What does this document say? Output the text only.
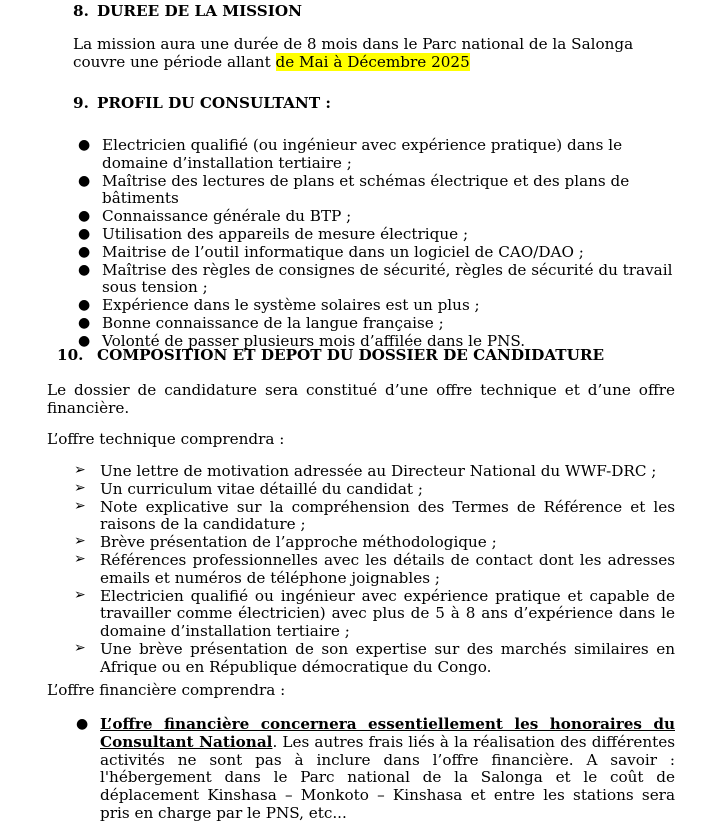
8. DUREE DE LA MISSION
La mission aura une durée de 8 mois dans le Parc national de la Salonga couvre une période allant de Mai à Décembre 2025
9. PROFIL DU CONSULTANT :
● Electricien qualifié (ou ingénieur avec expérience pratique) dans le domaine d’installation tertiaire ;
● Maîtrise des lectures de plans et schémas électrique et des plans de bâtiments
● Connaissance générale du BTP ;
● Utilisation des appareils de mesure électrique ;
● Maitrise de l’outil informatique dans un logiciel de CAO/DAO ;
● Maîtrise des règles de consignes de sécurité, règles de sécurité du travail sous tension ;
● Expérience dans le système solaires est un plus ;
● Bonne connaissance de la langue française ;
● Volonté de passer plusieurs mois d’affilée dans le PNS.
10. COMPOSITION ET DEPOT DU DOSSIER DE CANDIDATURE
Le dossier de candidature sera constitué d’une offre technique et d’une offre financière.
L’offre technique comprendra :
➢ Une lettre de motivation adressée au Directeur National du WWF-DRC ;
➢ Un curriculum vitae détaillé du candidat ;
➢ Note explicative sur la compréhension des Termes de Référence et les raisons de la candidature ;
➢ Brève présentation de l’approche méthodologique ;
➢ Références professionnelles avec les détails de contact dont les adresses emails et numéros de téléphone joignables ;
➢ Electricien qualifié ou ingénieur avec expérience pratique et capable de travailler comme électricien) avec plus de 5 à 8 ans d’expérience dans le domaine d’installation tertiaire ;
➢ Une brève présentation de son expertise sur des marchés similaires en Afrique ou en République démocratique du Congo.
L’offre financière comprendra :
● L’offre financière concernera essentiellement les honoraires du Consultant National. Les autres frais liés à la réalisation des différentes activités ne sont pas à inclure dans l’offre financière. A savoir : l'hébergement dans le Parc national de la Salonga et le coût de déplacement Kinshasa – Monkoto – Kinshasa et entre les stations sera pris en charge par le PNS, etc...
